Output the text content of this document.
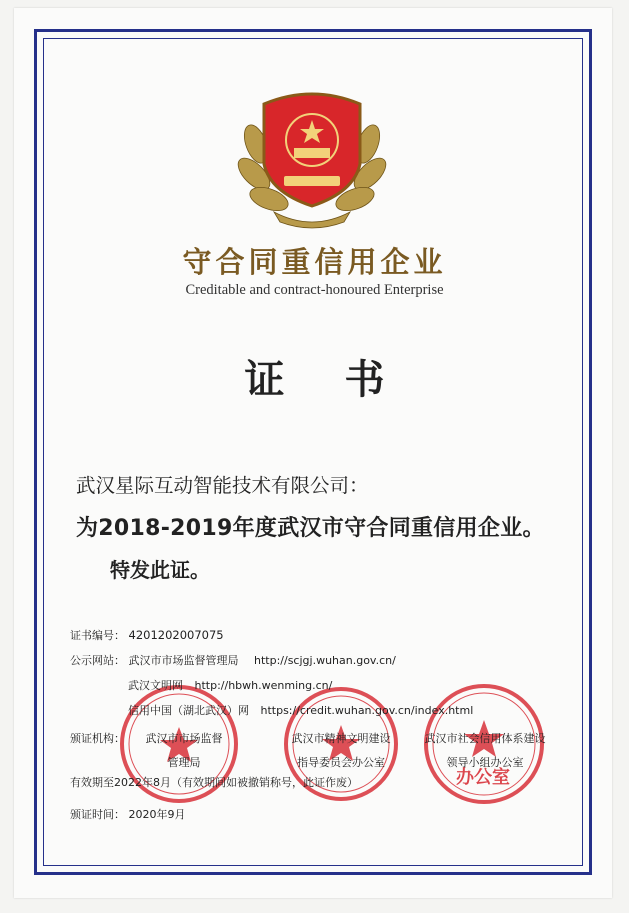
守合同重信用企业
Creditable and contract-honoured Enterprise
证书
武汉星际互动智能技术有限公司：
为2018-2019年度武汉市守合同重信用企业。
特发此证。
办公室
证书编号： 4201202007075
公示网站： 武汉市市场监督管理局 http://scjgj.wuhan.gov.cn/
武汉文明网 http://hbwh.wenming.cn/
信用中国（湖北武汉）网 https://credit.wuhan.gov.cn/index.html
颁证机构：	武汉市市场监督
管理局
武汉市精神文明建设
指导委员会办公室
武汉市社会信用体系建设
领导小组办公室
有效期至2022年8月（有效期间如被撤销称号，此证作废）
颁证时间： 2020年9月
